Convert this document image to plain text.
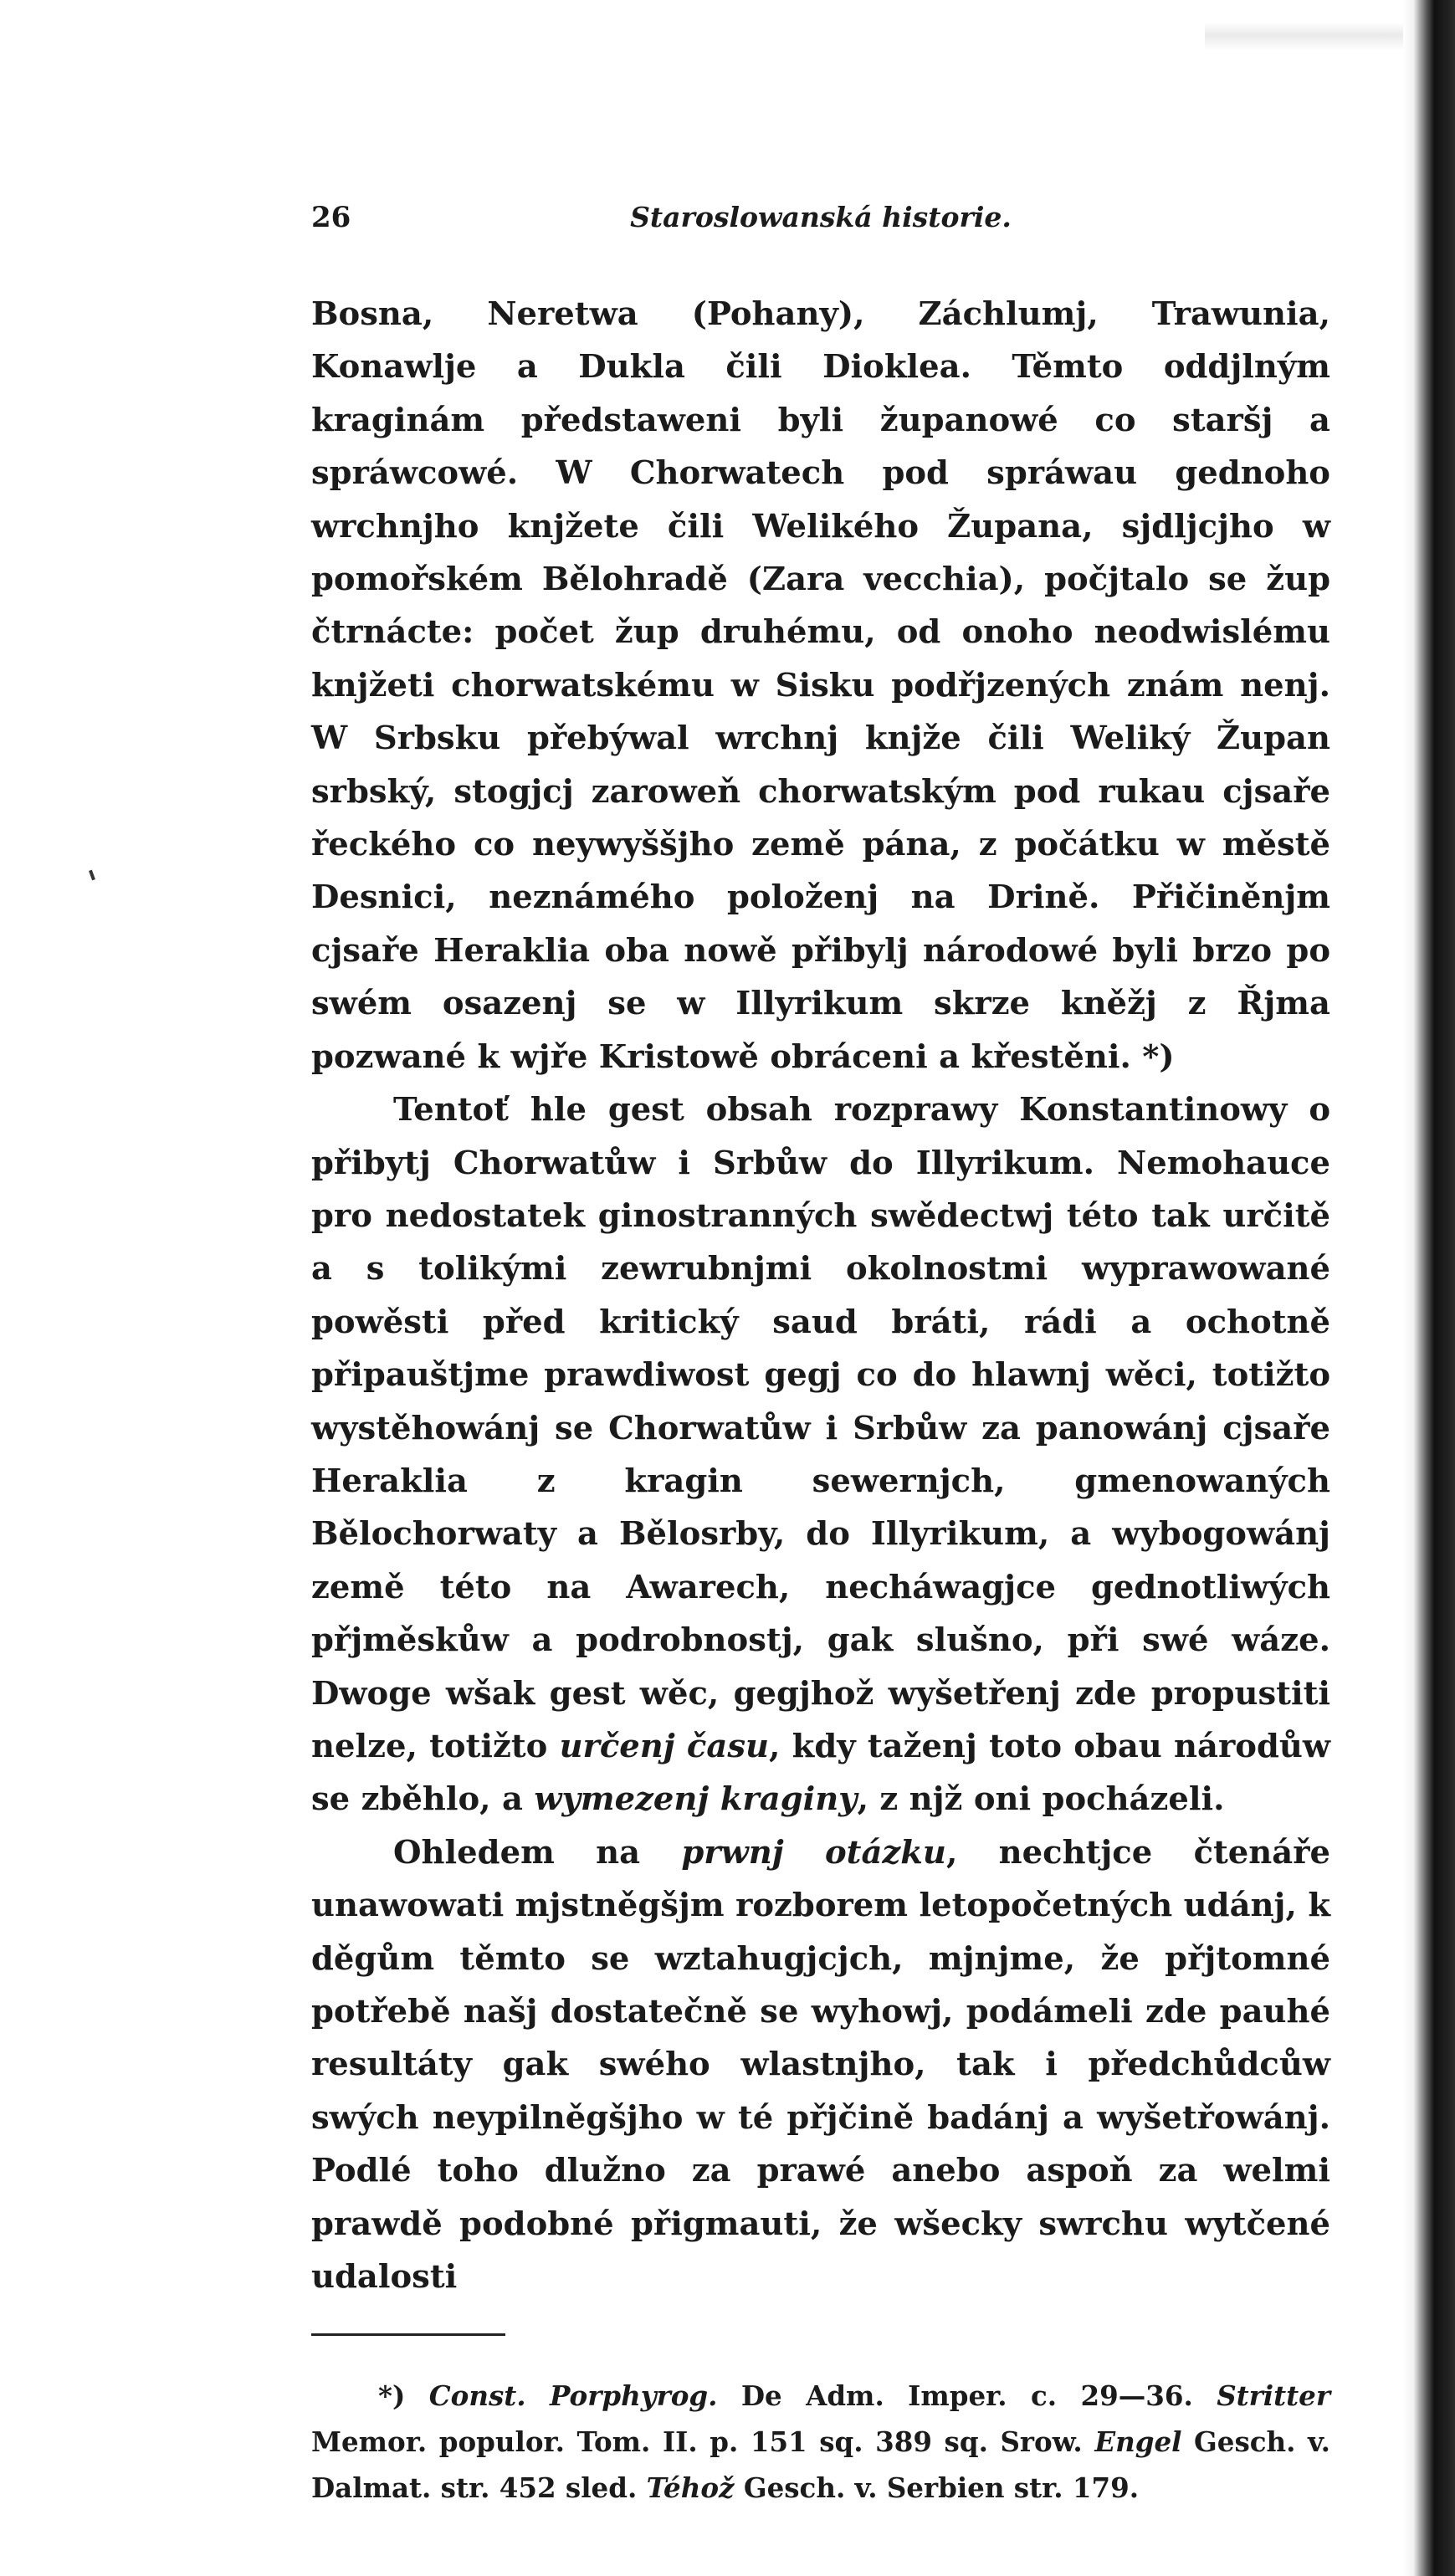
26	Staroslowanská historie.

Bosna, Neretwa (Pohany), Záchlumj, Trawunia, Konawlje a Dukla čili Dioklea. Těmto oddjlným kraginám předstaweni byli županowé co staršj a spráwcowé. W Chorwatech pod spráwau gednoho wrchnjho knjžete čili Welikého Župana, sjdljcjho w pomořském Bělohradě (Zara vecchia), počjtalo se žup čtrnácte: počet žup druhému, od onoho neodwislému knjžeti chorwatskému w Sisku podřjzených znám nenj. W Srbsku přebýwal wrchnj knjže čili Weliký Župan srbský, stogjcj zaroweň chorwatským pod rukau cjsaře řeckého co neywyššjho země pána, z počátku w městě Desnici, neznámého položenj na Drině. Přičiněnjm cjsaře Heraklia oba nowě přibylj národowé byli brzo po swém osazenj se w Illyrikum skrze kněžj z Řjma pozwané k wjře Kristowě obráceni a křestěni. *)

Tentoť hle gest obsah rozprawy Konstantinowy o přibytj Chorwatůw i Srbůw do Illyrikum. Nemohauce pro nedostatek ginostranných swědectwj této tak určitě a s tolikými zewrubnjmi okolnostmi wyprawowané powěsti před kritický saud bráti, rádi a ochotně připauštjme prawdiwost gegj co do hlawnj wěci, totižto wystěhowánj se Chorwatůw i Srbůw za panowánj cjsaře Heraklia z kragin sewernjch, gmenowaných Bělochorwaty a Bělosrby, do Illyrikum, a wybogowánj země této na Awarech, necháwagjce gednotliwých přjměskůw a podrobnostj, gak slušno, při swé wáze. Dwoge wšak gest wěc, gegjhož wyšetřenj zde propustiti nelze, totižto určenj času, kdy taženj toto obau národůw se zběhlo, a wymezenj kraginy, z njž oni pocházeli.

Ohledem na prwnj otázku, nechtjce čtenáře unawowati mjstněgšjm rozborem letopočetných udánj, k děgům těmto se wztahugjcjch, mjnjme, že přjtomné potřebě našj dostatečně se wyhowj, podámeli zde pauhé resultáty gak swého wlastnjho, tak i předchůdcůw swých neypilněgšjho w té přjčině badánj a wyšetřowánj. Podlé toho dlužno za prawé anebo aspoň za welmi prawdě podobné přigmauti, že wšecky swrchu wytčené udalosti

*) Const. Porphyrog. De Adm. Imper. c. 29—36. Stritter Memor. populor. Tom. II. p. 151 sq. 389 sq. Srow. Engel Gesch. v. Dalmat. str. 452 sled. Téhož Gesch. v. Serbien str. 179.
